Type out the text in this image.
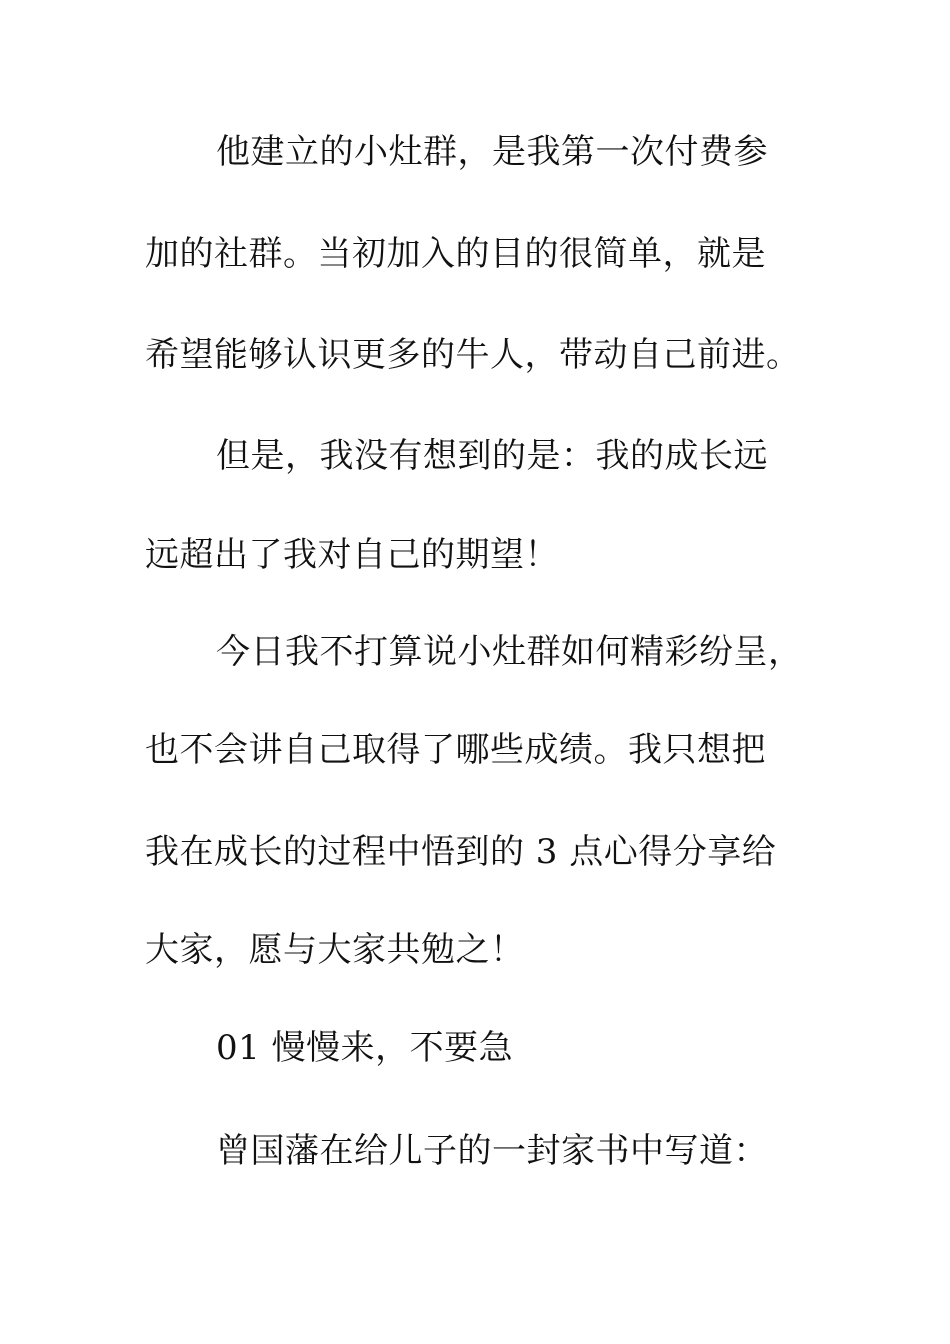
他建立的小灶群，是我第一次付费参
加的社群。当初加入的目的很简单，就是
希望能够认识更多的牛人，带动自己前进。
但是，我没有想到的是：我的成长远
远超出了我对自己的期望！
今日我不打算说小灶群如何精彩纷呈，
也不会讲自己取得了哪些成绩。我只想把
我在成长的过程中悟到的 3 点心得分享给
大家，愿与大家共勉之！
01 慢慢来，不要急
曾国藩在给儿子的一封家书中写道：
